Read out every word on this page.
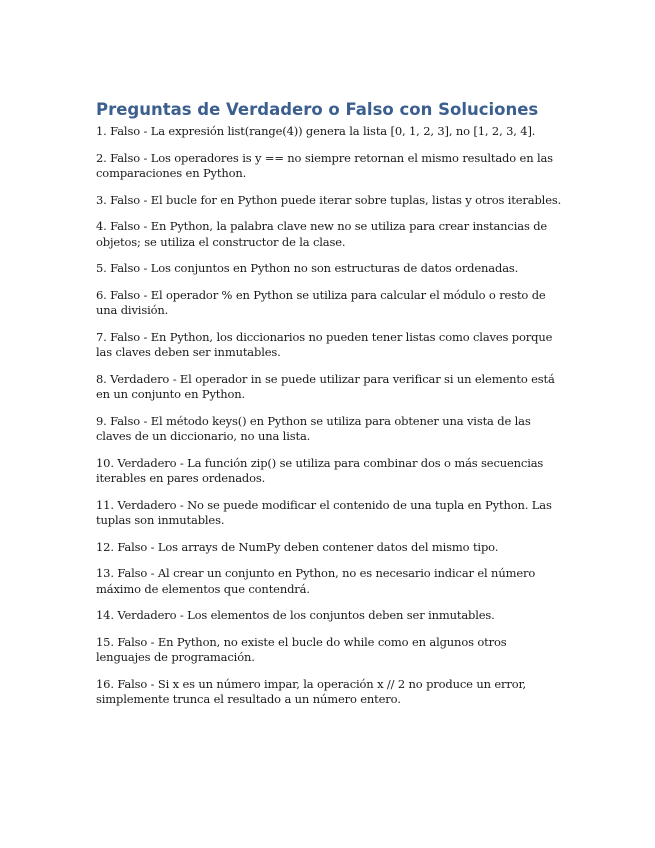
Preguntas de Verdadero o Falso con Soluciones
1. Falso - La expresión list(range(4)) genera la lista [0, 1, 2, 3], no [1, 2, 3, 4].
2. Falso - Los operadores is y == no siempre retornan el mismo resultado en las comparaciones en Python.
3. Falso - El bucle for en Python puede iterar sobre tuplas, listas y otros iterables.
4. Falso - En Python, la palabra clave new no se utiliza para crear instancias de objetos; se utiliza el constructor de la clase.
5. Falso - Los conjuntos en Python no son estructuras de datos ordenadas.
6. Falso - El operador % en Python se utiliza para calcular el módulo o resto de una división.
7. Falso - En Python, los diccionarios no pueden tener listas como claves porque las claves deben ser inmutables.
8. Verdadero - El operador in se puede utilizar para verificar si un elemento está en un conjunto en Python.
9. Falso - El método keys() en Python se utiliza para obtener una vista de las claves de un diccionario, no una lista.
10. Verdadero - La función zip() se utiliza para combinar dos o más secuencias iterables en pares ordenados.
11. Verdadero - No se puede modificar el contenido de una tupla en Python. Las tuplas son inmutables.
12. Falso - Los arrays de NumPy deben contener datos del mismo tipo.
13. Falso - Al crear un conjunto en Python, no es necesario indicar el número máximo de elementos que contendrá.
14. Verdadero - Los elementos de los conjuntos deben ser inmutables.
15. Falso - En Python, no existe el bucle do while como en algunos otros lenguajes de programación.
16. Falso - Si x es un número impar, la operación x // 2 no produce un error, simplemente trunca el resultado a un número entero.
